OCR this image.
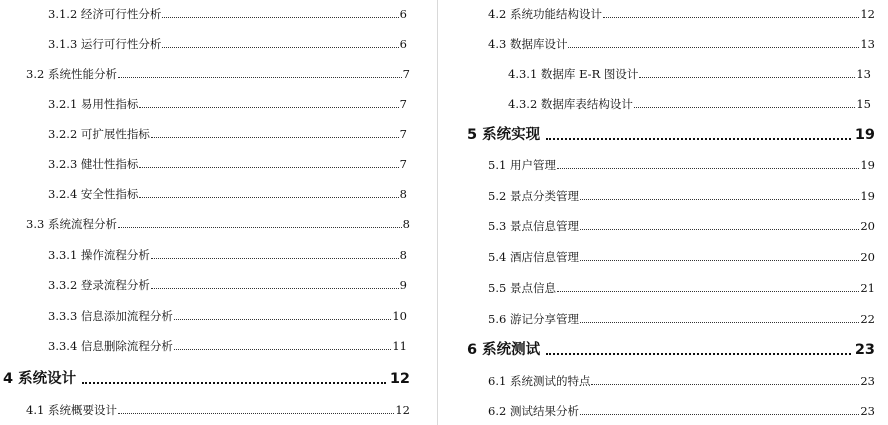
3.1.2 经济可行性分析	6
3.1.3 运行可行性分析	6
3.2 系统性能分析	7
3.2.1 易用性指标	7
3.2.2 可扩展性指标	7
3.2.3 健壮性指标	7
3.2.4 安全性指标	8
3.3 系统流程分析	8
3.3.1 操作流程分析	8
3.3.2 登录流程分析	9
3.3.3 信息添加流程分析	10
3.3.4 信息删除流程分析	11
4 系统设计	12
4.1 系统概要设计	12
4.2 系统功能结构设计	12
4.3 数据库设计	13
4.3.1 数据库 E-R 图设计	13
4.3.2 数据库表结构设计	15
5 系统实现	19
5.1 用户管理	19
5.2 景点分类管理	19
5.3 景点信息管理	20
5.4 酒店信息管理	20
5.5 景点信息	21
5.6 游记分享管理	22
6 系统测试	23
6.1 系统测试的特点	23
6.2 测试结果分析	23
